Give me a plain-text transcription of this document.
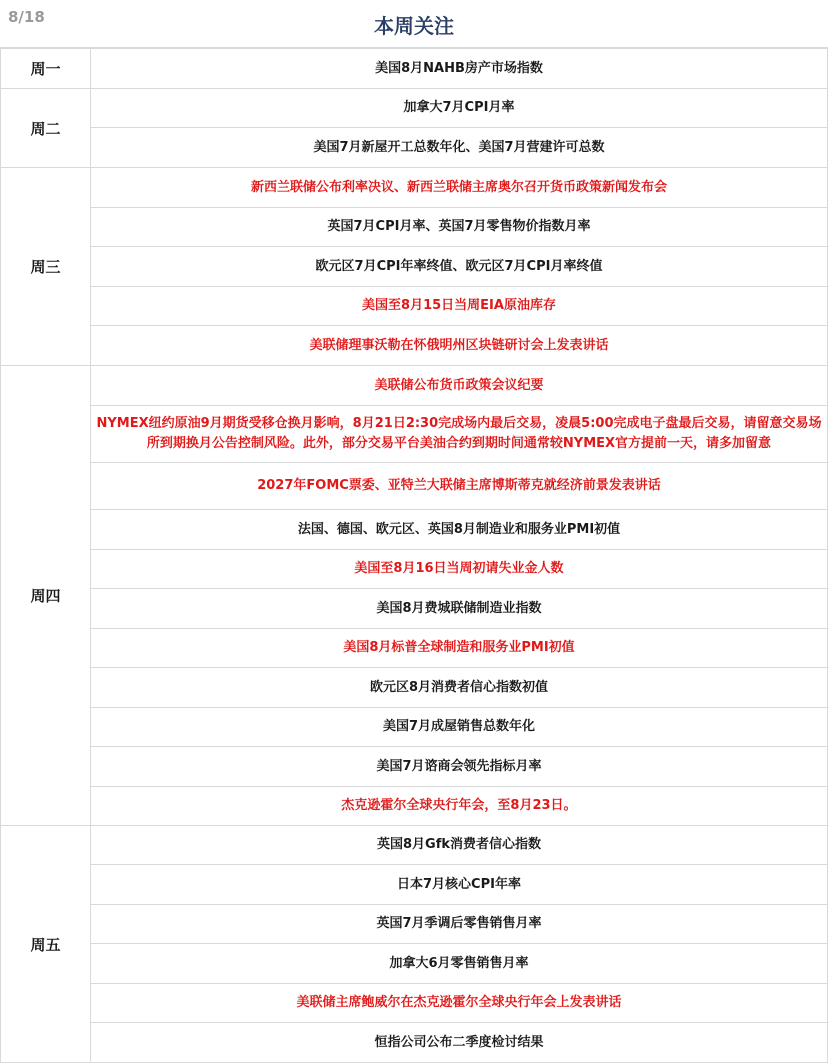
8/18	本周关注
周一	美国8月NAHB房产市场指数
周二	加拿大7月CPI月率
	美国7月新屋开工总数年化、美国7月营建许可总数
周三	新西兰联储公布利率决议、新西兰联储主席奥尔召开货币政策新闻发布会
	英国7月CPI月率、英国7月零售物价指数月率
	欧元区7月CPI年率终值、欧元区7月CPI月率终值
	美国至8月15日当周EIA原油库存
	美联储理事沃勒在怀俄明州区块链研讨会上发表讲话
周四	美联储公布货币政策会议纪要
	NYMEX纽约原油9月期货受移仓换月影响，8月21日2:30完成场内最后交易，凌晨5:00完成电子盘最后交易，请留意交易场所到期换月公告控制风险。此外，部分交易平台美油合约到期时间通常较NYMEX官方提前一天，请多加留意
	2027年FOMC票委、亚特兰大联储主席博斯蒂克就经济前景发表讲话
	法国、德国、欧元区、英国8月制造业和服务业PMI初值
	美国至8月16日当周初请失业金人数
	美国8月费城联储制造业指数
	美国8月标普全球制造和服务业PMI初值
	欧元区8月消费者信心指数初值
	美国7月成屋销售总数年化
	美国7月谘商会领先指标月率
	杰克逊霍尔全球央行年会，至8月23日。
周五	英国8月Gfk消费者信心指数
	日本7月核心CPI年率
	英国7月季调后零售销售月率
	加拿大6月零售销售月率
	美联储主席鲍威尔在杰克逊霍尔全球央行年会上发表讲话
	恒指公司公布二季度检讨结果
